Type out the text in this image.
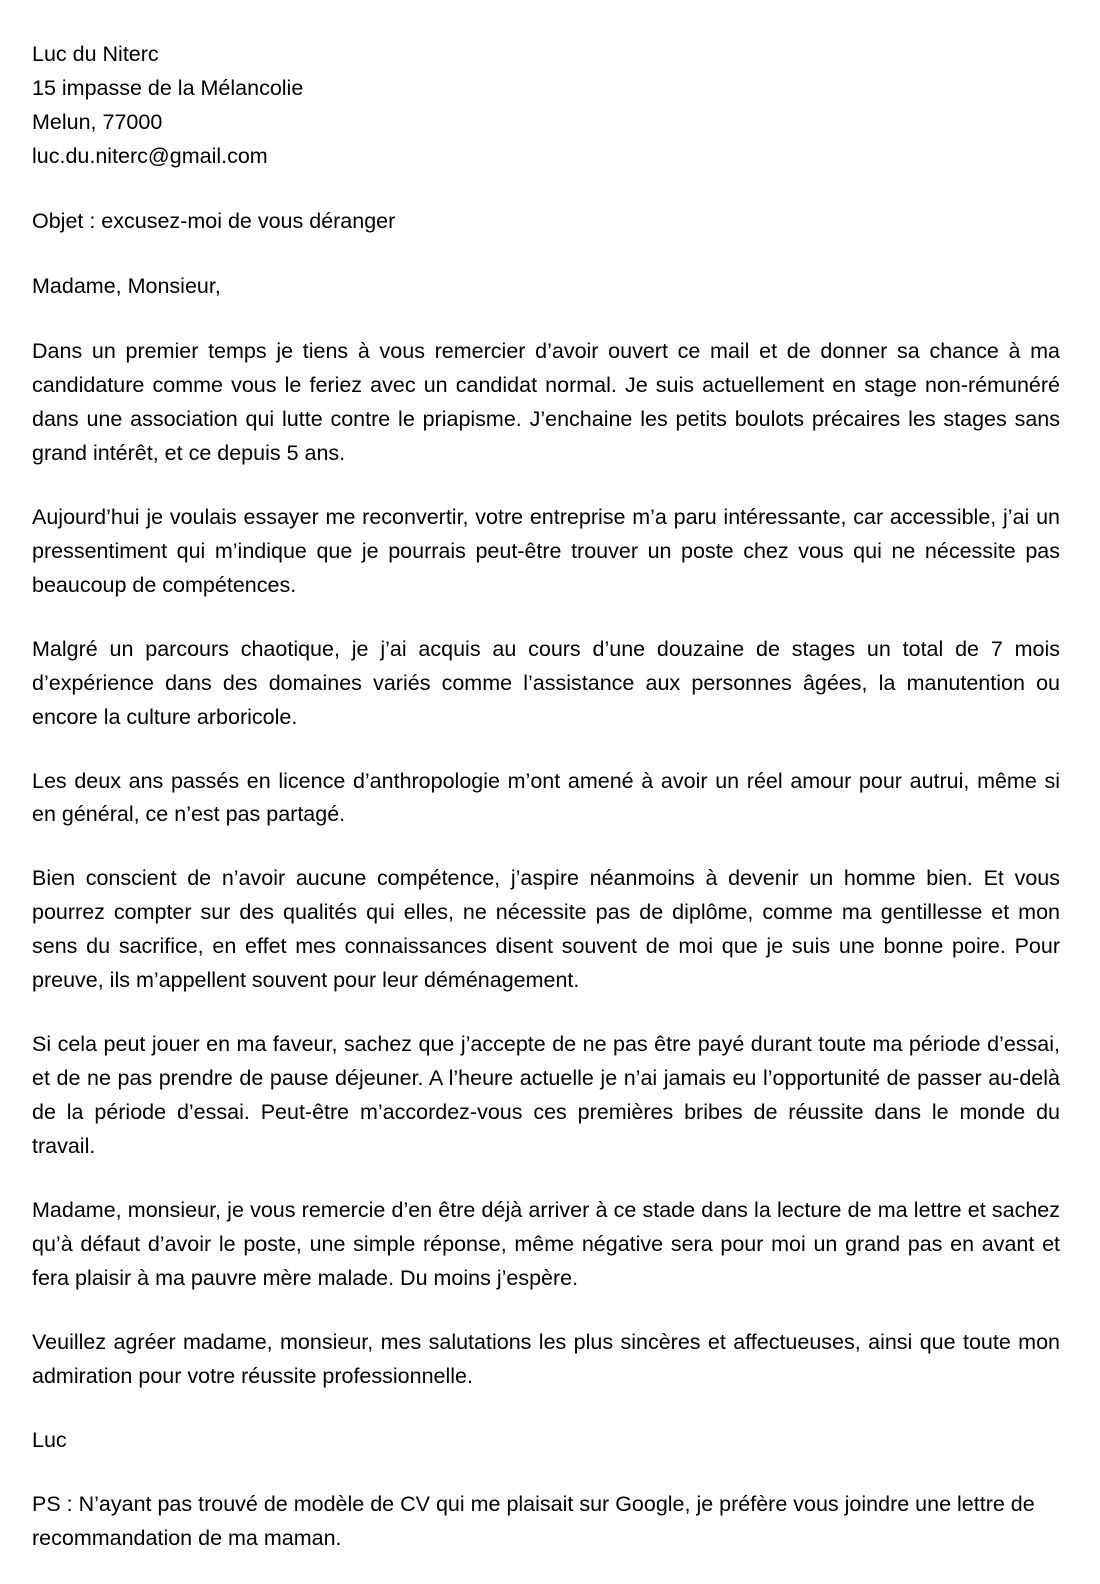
Luc du Niterc
15 impasse de la Mélancolie
Melun, 77000
luc.du.niterc@gmail.com

Objet : excusez-moi de vous déranger

Madame, Monsieur,

Dans un premier temps je tiens à vous remercier d’avoir ouvert ce mail et de donner sa chance à ma candidature comme vous le feriez avec un candidat normal. Je suis actuellement en stage non-rémunéré dans une association qui lutte contre le priapisme. J’enchaine les petits boulots précaires les stages sans grand intérêt, et ce depuis 5 ans.

Aujourd’hui je voulais essayer me reconvertir, votre entreprise m’a paru intéressante, car accessible, j’ai un pressentiment qui m’indique que je pourrais peut-être trouver un poste chez vous qui ne nécessite pas beaucoup de compétences.

Malgré un parcours chaotique, je j’ai acquis au cours d’une douzaine de stages un total de 7 mois d’expérience dans des domaines variés comme l’assistance aux personnes âgées, la manutention ou encore la culture arboricole.

Les deux ans passés en licence d’anthropologie m’ont amené à avoir un réel amour pour autrui, même si en général, ce n’est pas partagé.

Bien conscient de n’avoir aucune compétence, j’aspire néanmoins à devenir un homme bien. Et vous pourrez compter sur des qualités qui elles, ne nécessite pas de diplôme, comme ma gentillesse et mon sens du sacrifice, en effet mes connaissances disent souvent de moi que je suis une bonne poire. Pour preuve, ils m’appellent souvent pour leur déménagement.

Si cela peut jouer en ma faveur, sachez que j’accepte de ne pas être payé durant toute ma période d’essai, et de ne pas prendre de pause déjeuner. A l’heure actuelle je n’ai jamais eu l’opportunité de passer au-delà de la période d’essai. Peut-être m’accordez-vous ces premières bribes de réussite dans le monde du travail.

Madame, monsieur, je vous remercie d’en être déjà arriver à ce stade dans la lecture de ma lettre et sachez qu’à défaut d’avoir le poste, une simple réponse, même négative sera pour moi un grand pas en avant et fera plaisir à ma pauvre mère malade. Du moins j’espère.

Veuillez agréer madame, monsieur, mes salutations les plus sincères et affectueuses, ainsi que toute mon admiration pour votre réussite professionnelle.

Luc

PS : N’ayant pas trouvé de modèle de CV qui me plaisait sur Google, je préfère vous joindre une lettre de recommandation de ma maman.
